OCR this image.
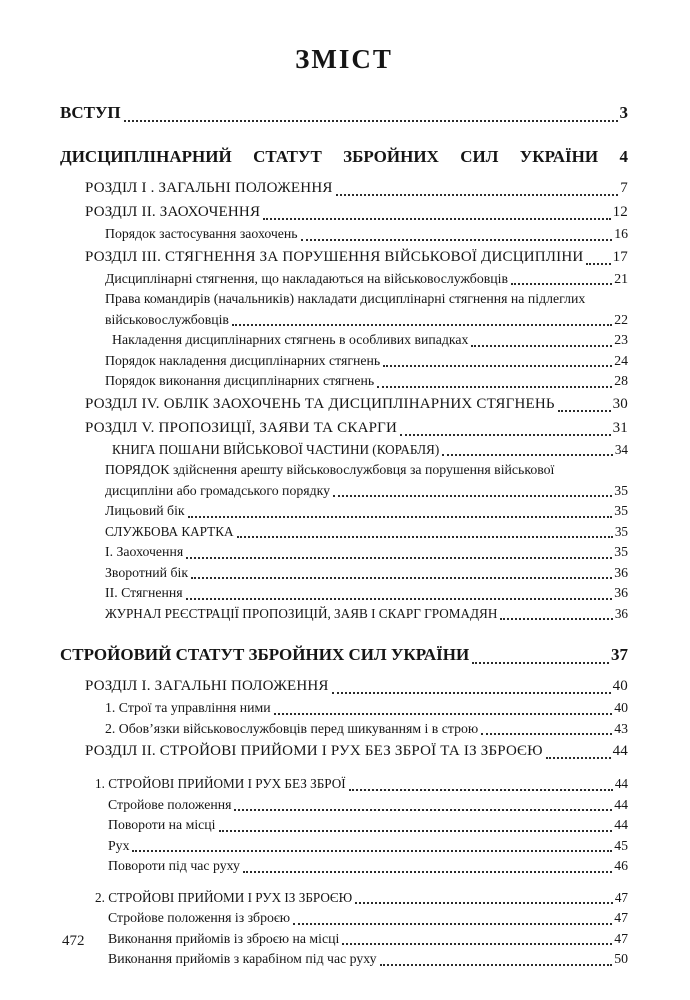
ЗМІСТ
ВСТУП	3
ДИСЦИПЛІНАРНИЙ СТАТУТ ЗБРОЙНИХ СИЛ УКРАЇНИ 4
РОЗДІЛ І . ЗАГАЛЬНІ ПОЛОЖЕННЯ	7
РОЗДІЛ ІІ. ЗАОХОЧЕННЯ	12
Порядок застосування заохочень	16
РОЗДІЛ ІІІ. СТЯГНЕННЯ ЗА ПОРУШЕННЯ ВІЙСЬКОВОЇ ДИСЦИПЛІНИ 17
Дисциплінарні стягнення, що накладаються на військовослужбовців	21
Права командирів (начальників) накладати дисциплінарні стягнення на підлеглих
військовослужбовців	22
Накладення дисциплінарних стягнень в особливих випадках	23
Порядок накладення дисциплінарних стягнень	24
Порядок виконання дисциплінарних стягнень	28
РОЗДІЛ ІV. ОБЛІК ЗАОХОЧЕНЬ ТА ДИСЦИПЛІНАРНИХ СТЯГНЕНЬ	30
РОЗДІЛ V. ПРОПОЗИЦІЇ, ЗАЯВИ ТА СКАРГИ	31
КНИГА ПОШАНИ ВІЙСЬКОВОЇ ЧАСТИНИ (КОРАБЛЯ)	34
ПОРЯДОК здійснення арешту військовослужбовця за порушення військової
дисципліни або громадського порядку	35
Лицьовий бік	35
СЛУЖБОВА КАРТКА	35
І. Заохочення	35
Зворотний бік	36
ІІ. Стягнення	36
ЖУРНАЛ РЕЄСТРАЦІЇ ПРОПОЗИЦІЙ, ЗАЯВ І СКАРГ ГРОМАДЯН	36
СТРОЙОВИЙ СТАТУТ ЗБРОЙНИХ СИЛ УКРАЇНИ	37
РОЗДІЛ І. ЗАГАЛЬНІ ПОЛОЖЕННЯ	40
1. Строї та управління ними	40
2. Обов’язки військовослужбовців перед шикуванням і в строю	43
РОЗДІЛ ІІ. СТРОЙОВІ ПРИЙОМИ І РУХ БЕЗ ЗБРОЇ ТА ІЗ ЗБРОЄЮ	44
1. СТРОЙОВІ ПРИЙОМИ І РУХ БЕЗ ЗБРОЇ	44
Стройове положення	44
Повороти на місці	44
Рух	45
Повороти під час руху	46
2. СТРОЙОВІ ПРИЙОМИ І РУХ ІЗ ЗБРОЄЮ	47
Стройове положення із зброєю	47
Виконання прийомів із зброєю на місці	47
Виконання прийомів з карабіном під час руху	50
472
